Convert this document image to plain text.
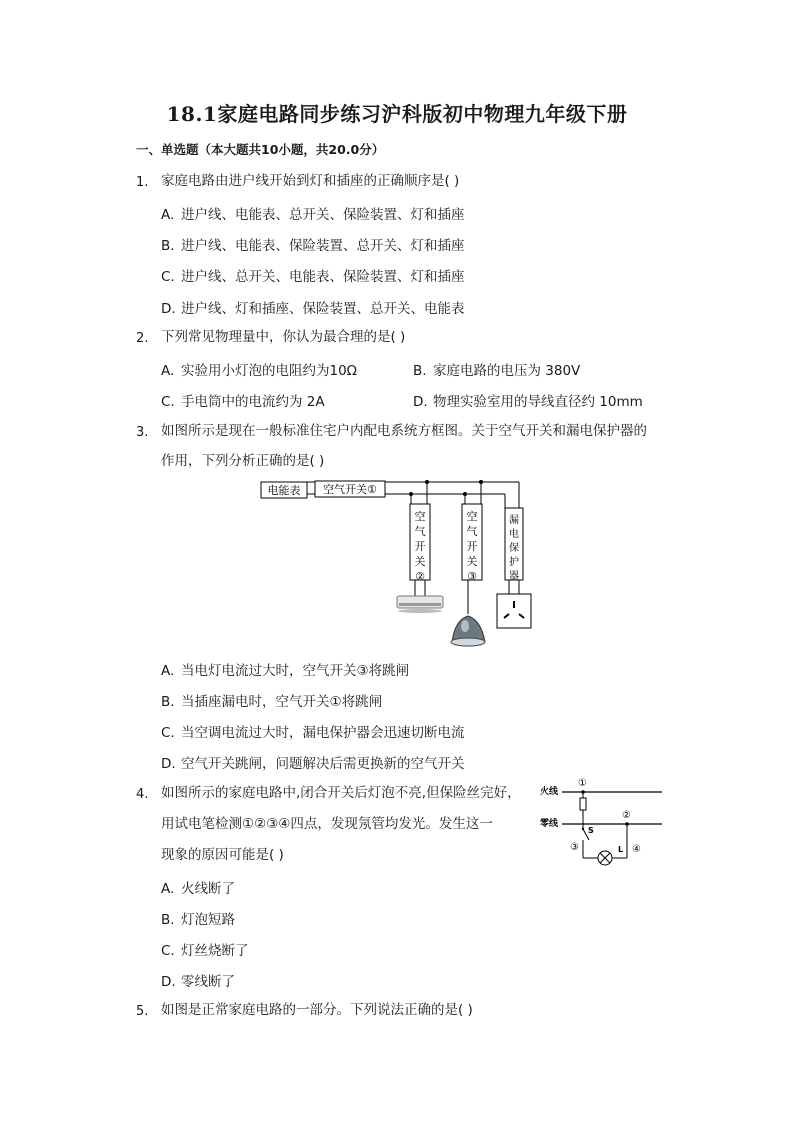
18.1家庭电路同步练习沪科版初中物理九年级下册
一、单选题（本大题共10小题，共20.0分）
1. 家庭电路由进户线开始到灯和插座的正确顺序是( )
A. 进户线、电能表、总开关、保险装置、灯和插座
B. 进户线、电能表、保险装置、总开关、灯和插座
C. 进户线、总开关、电能表、保险装置、灯和插座
D. 进户线、灯和插座、保险装置、总开关、电能表
2. 下列常见物理量中，你认为最合理的是( )
A. 实验用小灯泡的电阻约为10Ω	B. 家庭电路的电压为 380V
C. 手电筒中的电流约为 2A	D. 物理实验室用的导线直径约 10mm
3. 如图所示是现在一般标准住宅户内配电系统方框图。关于空气开关和漏电保护器的
作用，下列分析正确的是( )
电能表 空气开关①
空气开关 ②
空气开关 ③
漏电保护器
A. 当电灯电流过大时，空气开关③将跳闸
B. 当插座漏电时，空气开关①将跳闸
C. 当空调电流过大时，漏电保护器会迅速切断电流
D. 空气开关跳闸，问题解决后需更换新的空气开关
4. 如图所示的家庭电路中,闭合开关后灯泡不亮,但保险丝完好，
用试电笔检测①②③④四点，发现氖管均发光。发生这一
现象的原因可能是( )
火线
零线
S
L
①
②
③	④
A. 火线断了
B. 灯泡短路
C. 灯丝烧断了
D. 零线断了
5. 如图是正常家庭电路的一部分。下列说法正确的是( )
